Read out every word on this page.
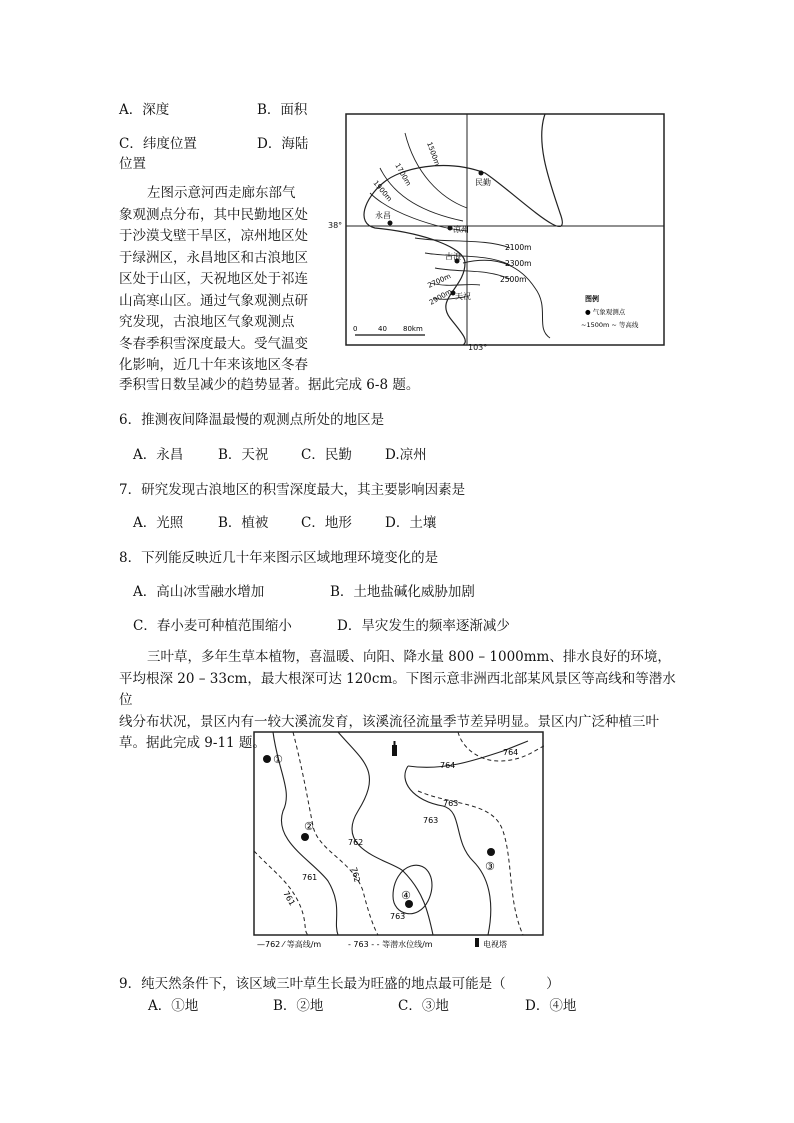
A．深度	B．面积
C．纬度位置	D．海陆
位置
左图示意河西走廊东部气
象观测点分布，其中民勤地区处
于沙漠戈壁干旱区，凉州地区处
于绿洲区，永昌地区和古浪地区
区处于山区，天祝地区处于祁连
山高寒山区。通过气象观测点研
究发现，古浪地区气象观测点
冬春季积雪深度最大。受气温变
化影响，近几十年来该地区冬春
季积雪日数呈减少的趋势显著。据此完成 6-8 题。
民勤
永昌
凉州
古浪
天祝
1500m
1700m
1900m
2100m
2300m
2500m
2700m
2900m
0	40 80km
图例
● 气象观测点
~1500m ~ 等高线
38°
103°
6．推测夜间降温最慢的观测点所处的地区是
A．永昌	B．天祝 C．民勤 D.凉州
7．研究发现古浪地区的积雪深度最大，其主要影响因素是
A．光照	B．植被 C．地形 D．土壤
8．下列能反映近几十年来图示区域地理环境变化的是
A．高山冰雪融水增加	B．土地盐碱化威胁加剧
C．春小麦可种植范围缩小	D．旱灾发生的频率逐渐减少
三叶草，多年生草本植物，喜温暖、向阳、降水量 800 – 1000mm、排水良好的环境，
平均根深 20 – 33cm，最大根深可达 120cm。下图示意非洲西北部某风景区等高线和等潜水位
线分布状况，景区内有一较大溪流发育，该溪流径流量季节差异明显。景区内广泛种植三叶
草。据此完成 9-11 题。
①
②
③
④
764
764
763
763
762
762
761
761
763
—762 ⁄ 等高线/m	- 763 - - 等潜水位线/m	电视塔
9．纯天然条件下，该区域三叶草生长最为旺盛的地点最可能是（　　　）
A．①地	B．②地	C．③地	D．④地
